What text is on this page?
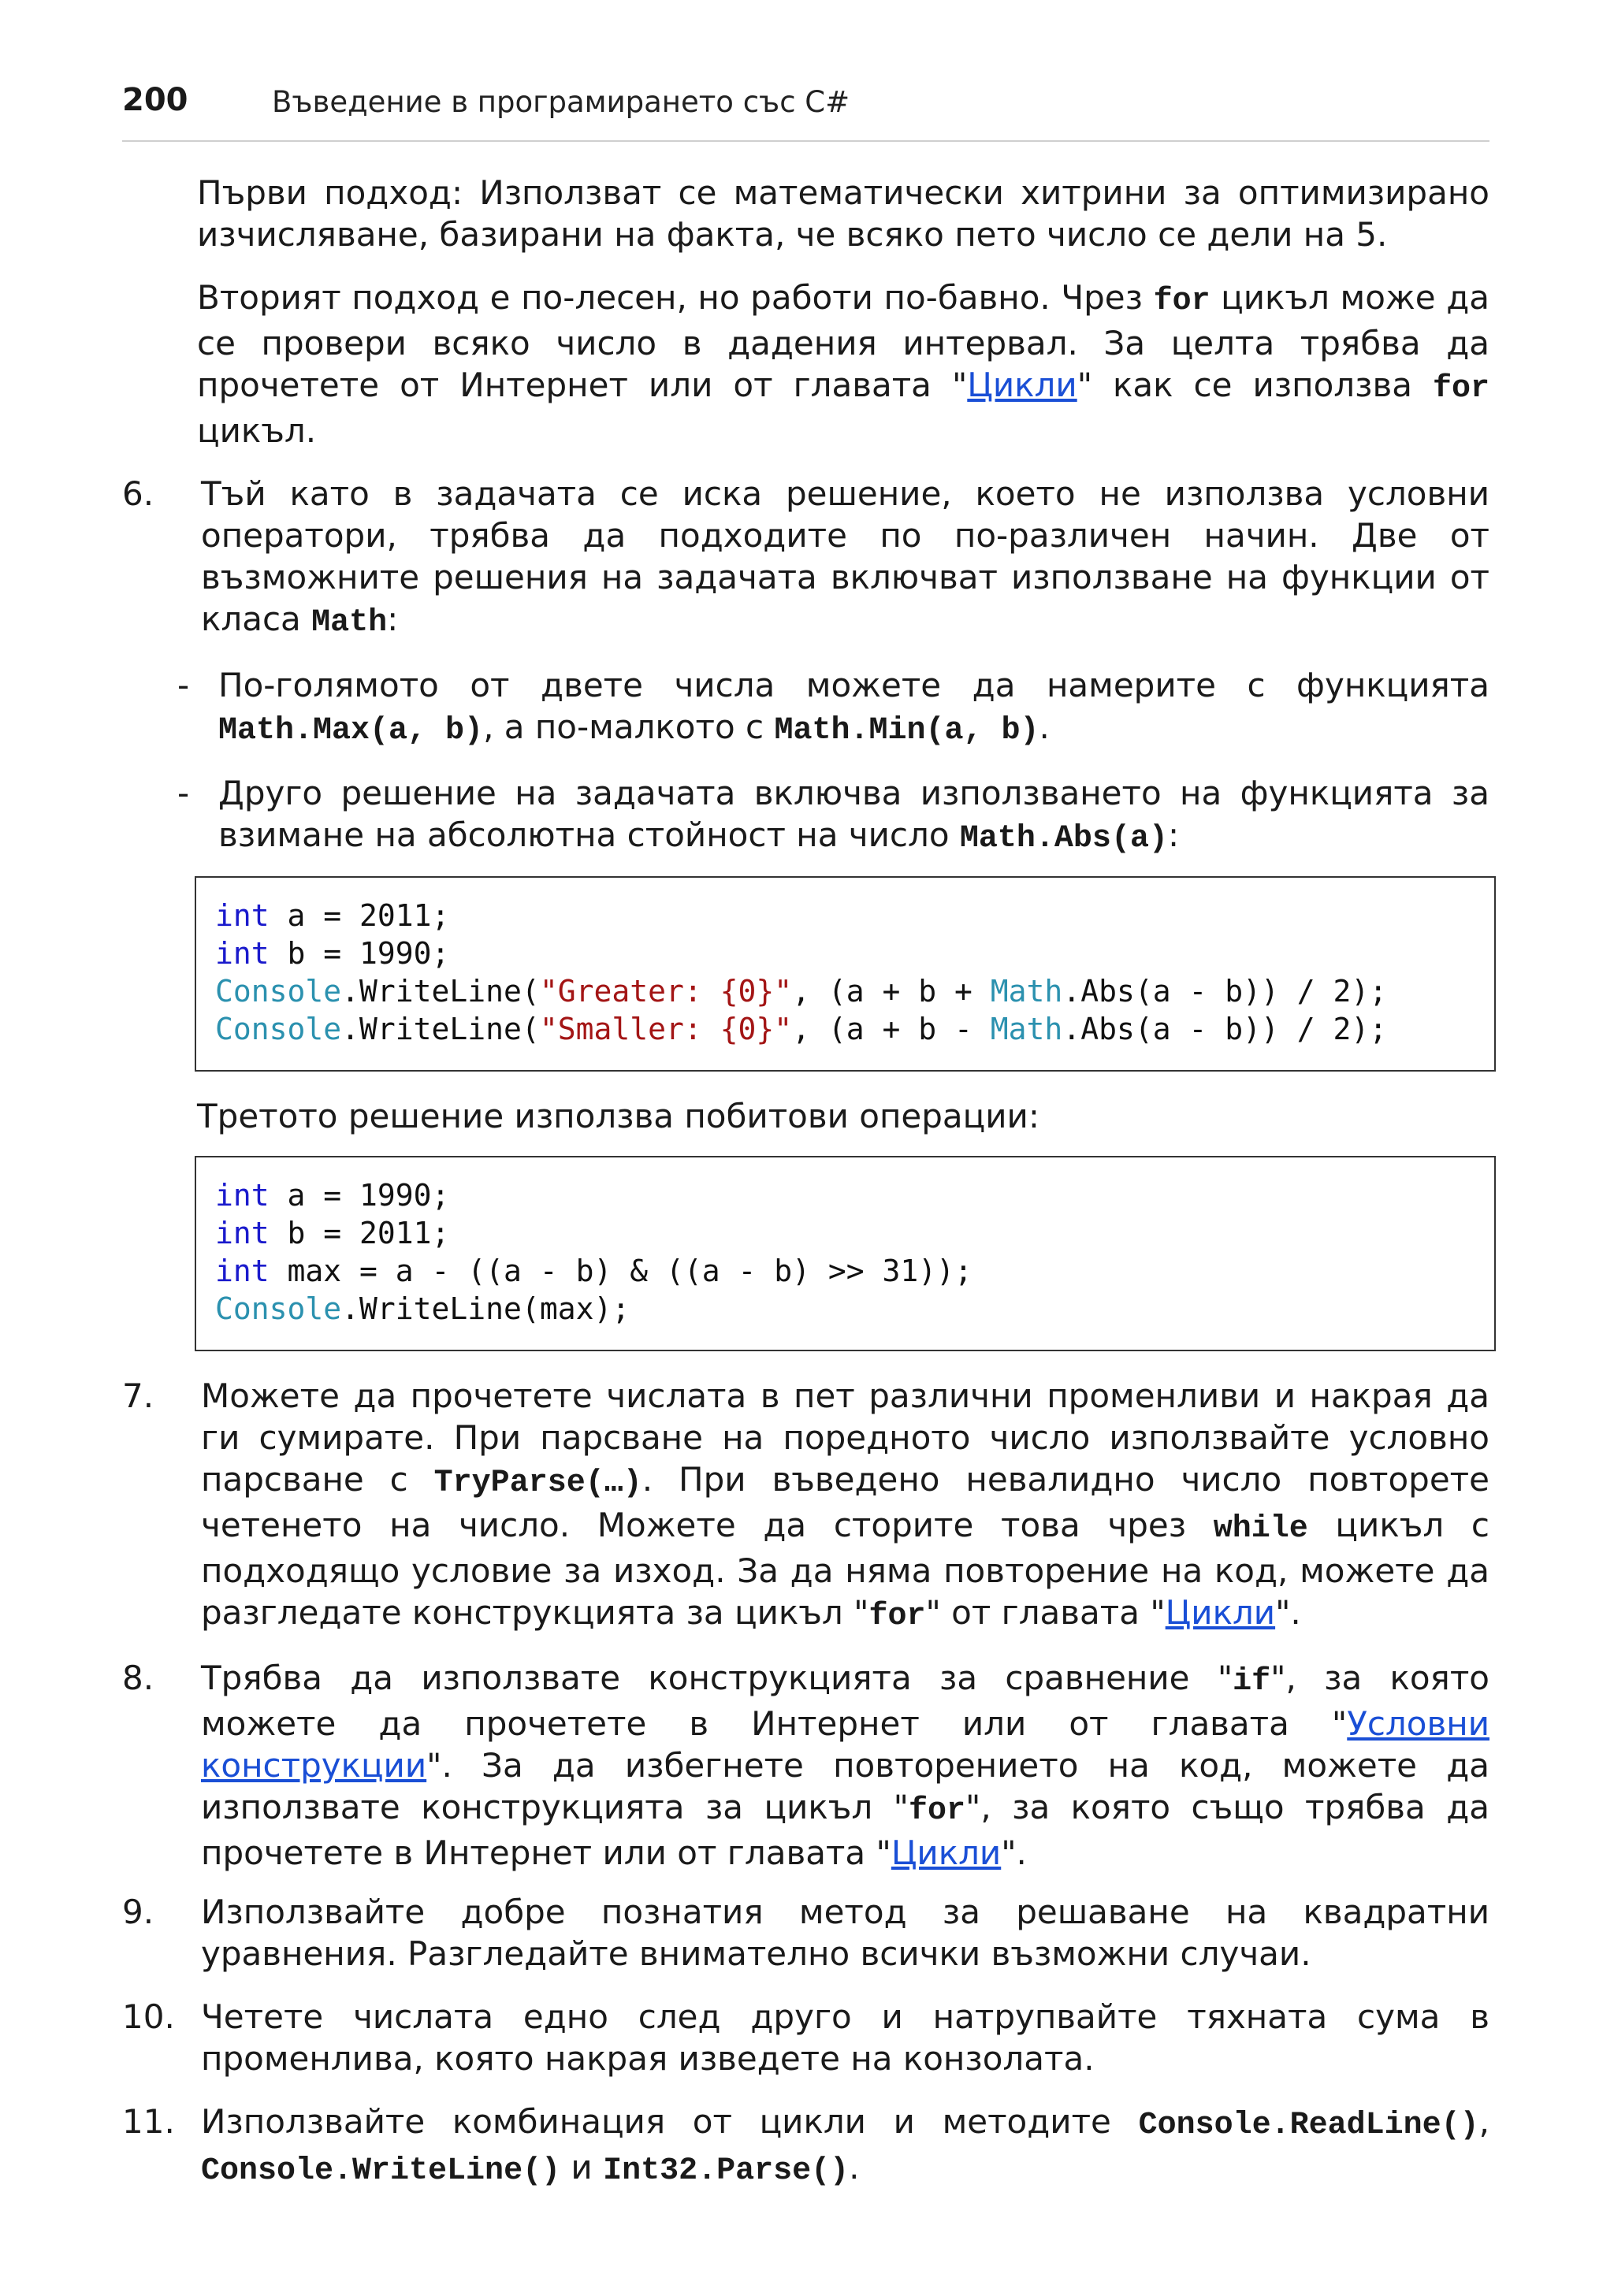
200	Въведение в програмирането със C#

Първи подход: Използват се математически хитрини за оптимизирано изчисляване, базирани на факта, че всяко пето число се дели на 5.

Вторият подход е по-лесен, но работи по-бавно. Чрез for цикъл може да се провери всяко число в дадения интервал. За целта трябва да прочетете от Интернет или от главата "Цикли" как се използва for цикъл.

6. Тъй като в задачата се иска решение, което не използва условни оператори, трябва да подходите по по-различен начин. Две от възможните решения на задачата включват използване на функции от класа Math:
- По-голямото от двете числа можете да намерите с функцията Math.Max(a, b), а по-малкото с Math.Min(a, b).
- Друго решение на задачата включва използването на функцията за взимане на абсолютна стойност на число Math.Abs(a):
int a = 2011;
int b = 1990;
Console.WriteLine("Greater: {0}", (a + b + Math.Abs(a - b)) / 2);
Console.WriteLine("Smaller: {0}", (a + b - Math.Abs(a - b)) / 2);

Третото решение използва побитови операции:

int a = 1990;
int b = 2011;
int max = a - ((a - b) & ((a - b) >> 31));
Console.WriteLine(max);
7. Можете да прочетете числата в пет различни променливи и накрая да ги сумирате. При парсване на поредното число използвайте условно парсване с TryParse(…). При въведено невалидно число повторете четенето на число. Можете да сторите това чрез while цикъл с подходящо условие за изход. За да няма повторение на код, можете да разгледате конструкцията за цикъл "for" от главата "Цикли".
8. Трябва да използвате конструкцията за сравнение "if", за която можете да прочетете в Интернет или от главата "Условни конструкции". За да избегнете повторението на код, можете да използвате конструкцията за цикъл "for", за която също трябва да прочетете в Интернет или от главата "Цикли".
9. Използвайте добре познатия метод за решаване на квадратни уравнения. Разгледайте внимателно всички възможни случаи.
10. Четете числата едно след друго и натрупвайте тяхната сума в променлива, която накрая изведете на конзолата.
11. Използвайте комбинация от цикли и методите Console.ReadLine(), Console.WriteLine() и Int32.Parse().
